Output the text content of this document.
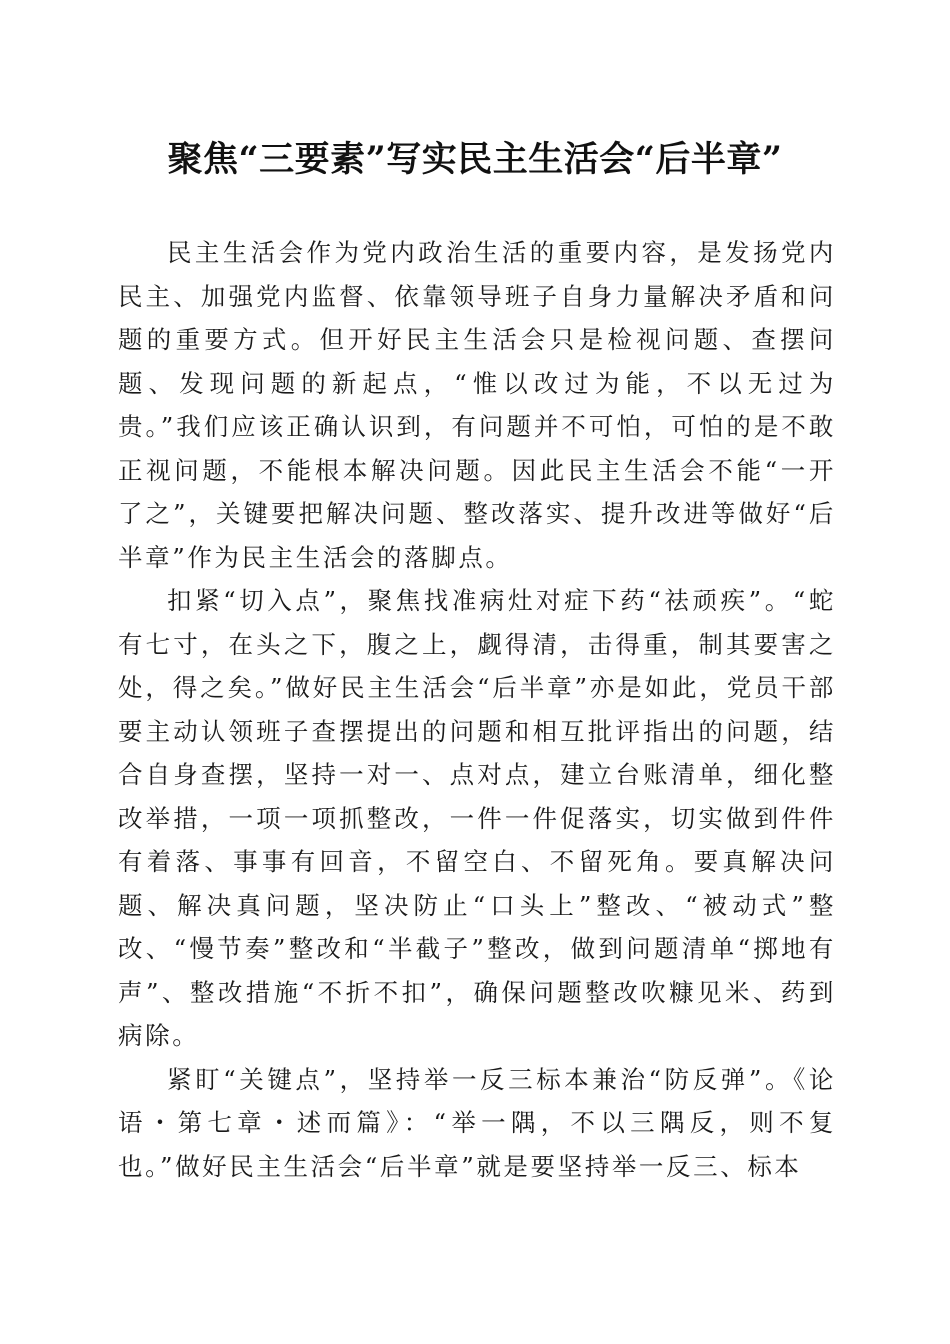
聚焦“三要素”写实民主生活会“后半章”

民主生活会作为党内政治生活的重要内容，是发扬党内民主、加强党内监督、依靠领导班子自身力量解决矛盾和问题的重要方式。但开好民主生活会只是检视问题、查摆问题、发现问题的新起点，“惟以改过为能，不以无过为贵。”我们应该正确认识到，有问题并不可怕，可怕的是不敢正视问题，不能根本解决问题。因此民主生活会不能“一开了之”，关键要把解决问题、整改落实、提升改进等做好“后半章”作为民主生活会的落脚点。

扣紧“切入点”，聚焦找准病灶对症下药“祛顽疾”。“蛇有七寸，在头之下，腹之上，觑得清，击得重，制其要害之处，得之矣。”做好民主生活会“后半章”亦是如此，党员干部要主动认领班子查摆提出的问题和相互批评指出的问题，结合自身查摆，坚持一对一、点对点，建立台账清单，细化整改举措，一项一项抓整改，一件一件促落实，切实做到件件有着落、事事有回音，不留空白、不留死角。要真解决问题、解决真问题，坚决防止“口头上”整改、“被动式”整改、“慢节奏”整改和“半截子”整改，做到问题清单“掷地有声”、整改措施“不折不扣”，确保问题整改吹糠见米、药到病除。

紧盯“关键点”，坚持举一反三标本兼治“防反弹”。《论语・第七章・述而篇》：“举一隅，不以三隅反，则不复也。”做好民主生活会“后半章”就是要坚持举一反三、标本
